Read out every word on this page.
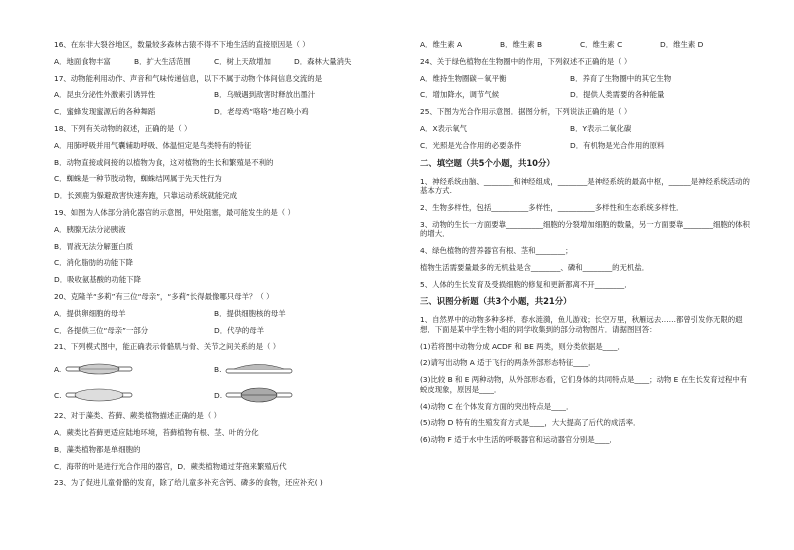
16、在东非大裂谷地区，数量较多森林古猿不得不下地生活的直接原因是（ ）
A．地面食物丰富	B．扩大生活范围	C．树上天敌增加	D．森林大量消失
17、动物能利用动作、声音和气味传递信息，以下不属于动物个体间信息交流的是
A．昆虫分泌性外激素引诱异性	B．乌贼遇到敌害时释放出墨汁
C．蜜蜂发现蜜源后的各种舞蹈	D．老母鸡“咯咯”地召唤小鸡
18、下列有关动物的叙述，正确的是（ ）
A．用肺呼吸并用气囊辅助呼吸、体温恒定是鸟类特有的特征
B．动物直接或间接的以植物为食，这对植物的生长和繁殖是不利的
C．蜘蛛是一种节肢动物，蜘蛛结网属于先天性行为
D．长颈鹿为躲避敌害快速奔跑，只靠运动系统就能完成
19、如图为人体部分消化器官的示意图，甲处阻塞，最可能发生的是（ ）
A．胰腺无法分泌胰液
B．胃液无法分解蛋白质
C．消化脂肪的功能下降
D．吸收氨基酸的功能下降
20、克隆羊“多莉”有三位“母亲”，“多莉”长得最像哪只母羊？（ ）
A．提供卵细胞的母羊	B．提供细胞核的母羊
C．各提供三位“母亲”一部分	D．代孕的母羊
21、下列模式图中，能正确表示骨骼肌与骨、关节之间关系的是（ ）
A.	B.
C.	D.
22、对于藻类、苔藓、蕨类植物描述正确的是（ ）
A．蕨类比苔藓更适应陆地环境，苔藓植物有根、茎、叶的分化
B．藻类植物都是单细胞的
C．海带的叶是进行光合作用的器官，D．蕨类植物通过芽孢来繁殖后代
23、为了促进儿童骨骼的发育，除了给儿童多补充含钙、磷多的食物，还应补充( )
A．维生素 A	B．维生素 B	C．维生素 C	D．维生素 D
24、关于绿色植物在生物圈中的作用，下列叙述不正确的是（ ）
A．维持生物圈碳－氧平衡	B．养育了生物圈中的其它生物
C．增加降水，调节气候	D．提供人类需要的各种能量
25、下图为光合作用示意图．据图分析，下列说法正确的是（ ）
A．X表示氧气	B．Y表示二氧化碳
C．光照是光合作用的必要条件	D．有机物是光合作用的原料
二、填空题（共5个小题，共10分）
1、神经系统由脑、________和神经组成，________是神经系统的最高中枢，______是神经系统活动的基本方式.
2、生物多样性，包括__________多样性，__________多样性和生态系统多样性．
3、动物的生长一方面要靠__________细胞的分裂增加细胞的数量，另一方面要靠________细胞的体积的增大．
4、绿色植物的营养器官有根、茎和________；
植物生活需要量最多的无机盐是含________、磷和________的无机盐．
5、人体的生长发育及受损细胞的修复和更新都离不开________．
三、识图分析题（共3个小题，共21分）
1、自然界中的动物多种多样．春水涟漪，鱼儿游戏；长空万里，秋雁远去……都曾引发你无限的遐想．下面是某中学生物小组的同学收集到的部分动物图片．请据图回答：
(1)若将图中动物分成 ACDF 和 BE 两类，则分类依据是____．
(2)请写出动物 A 适于飞行的两条外部形态特征____．
(3)比较 B 和 E 两种动物，从外部形态看，它们身体的共同特点是____；动物 E 在生长发育过程中有蜕皮现象，原因是____．
(4)动物 C 在个体发育方面的突出特点是____．
(5)动物 D 特有的生殖发育方式是____，大大提高了后代的成活率．
(6)动物 F 适于水中生活的呼吸器官和运动器官分别是____．
